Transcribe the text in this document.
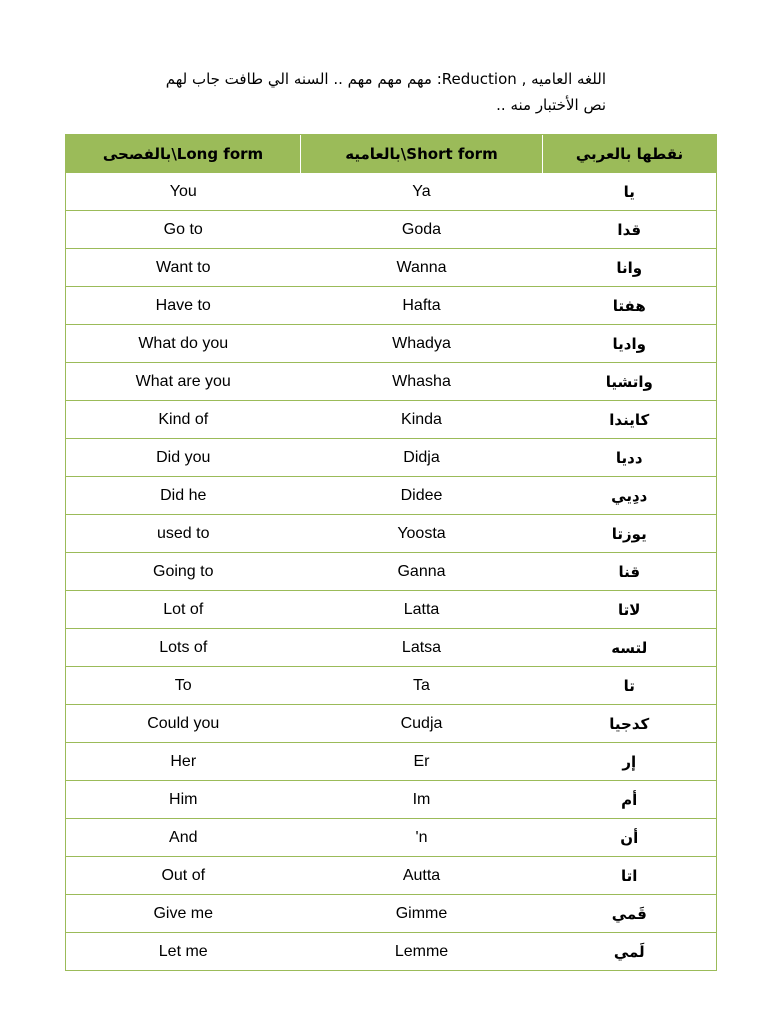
اللغه العاميه , Reduction: مهم مهم مهم .. السنه الي طافت جاب لهم نص الأختبار منه ..
بالفصحى\Long form	بالعاميه\Short form	نقطها بالعربي
You	Ya	يا
Go to	Goda	قدا
Want to	Wanna	وانا
Have to	Hafta	هفتا
What do you	Whadya	واديا
What are you	Whasha	واتشيا
Kind of	Kinda	كايندا
Did you	Didja	دديا
Did he	Didee	ددِيي
used to	Yoosta	يوزتا
Going to	Ganna	قنا
Lot of	Latta	لاتا
Lots of	Latsa	لتسه
To	Ta	تا
Could you	Cudja	كدجيا
Her	Er	إر
Him	Im	أم
And	'n	أن
Out of	Autta	اتا
Give me	Gimme	قَمي
Let me	Lemme	لَمي
